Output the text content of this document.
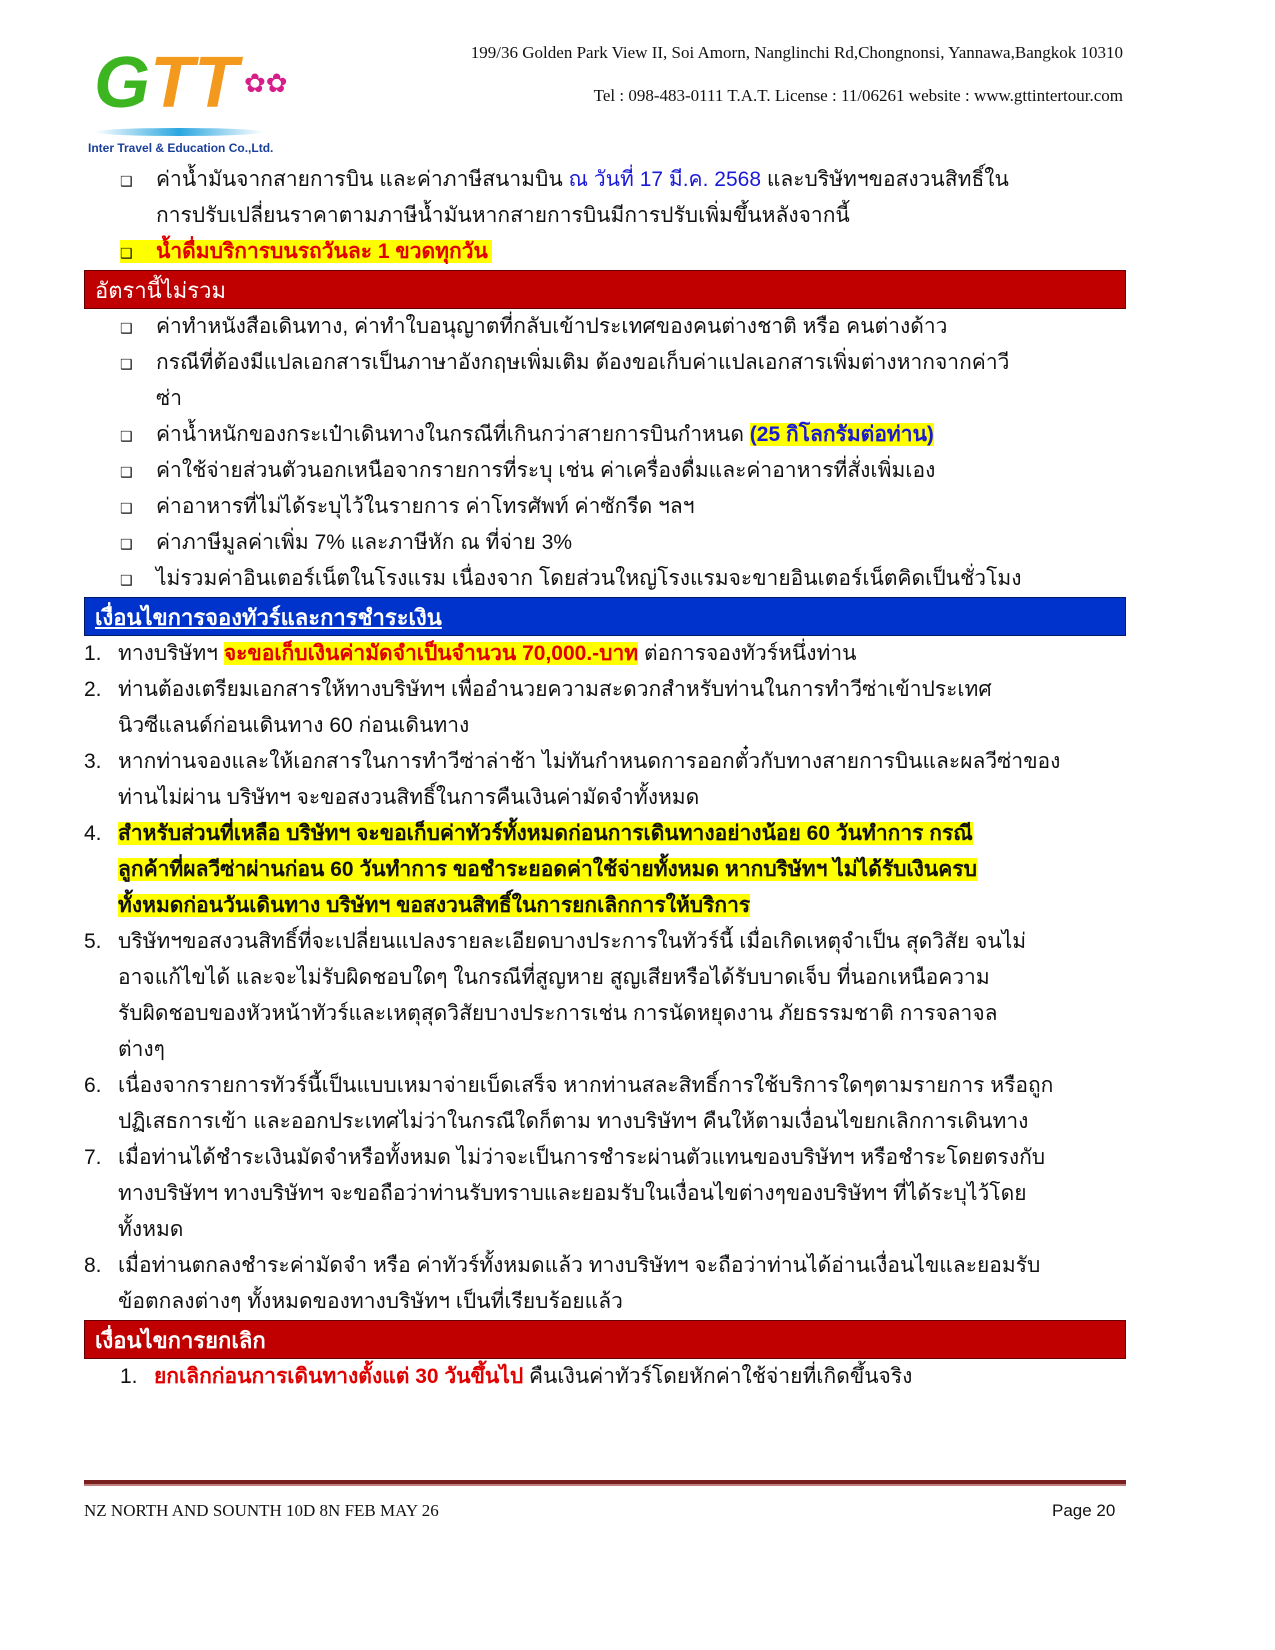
GTT ✿✿
Inter Travel & Education Co.,Ltd.
199/36 Golden Park View II, Soi Amorn, Nanglinchi Rd,Chongnonsi, Yannawa,Bangkok 10310
Tel : 098-483-0111 T.A.T. License : 11/06261 website : www.gttintertour.com
❑ ค่าน้ำมันจากสายการบิน และค่าภาษีสนามบิน ณ วันที่ 17 มี.ค. 2568 และบริษัทฯขอสงวนสิทธิ์ใน
การปรับเปลี่ยนราคาตามภาษีน้ำมันหากสายการบินมีการปรับเพิ่มขึ้นหลังจากนี้
❑ น้ำดื่มบริการบนรถวันละ 1 ขวดทุกวัน
อัตรานี้ไม่รวม
❑ ค่าทำหนังสือเดินทาง, ค่าทำใบอนุญาตที่กลับเข้าประเทศของคนต่างชาติ หรือ คนต่างด้าว
❑ กรณีที่ต้องมีแปลเอกสารเป็นภาษาอังกฤษเพิ่มเติม ต้องขอเก็บค่าแปลเอกสารเพิ่มต่างหากจากค่าวี
ซ่า
❑ ค่าน้ำหนักของกระเป๋าเดินทางในกรณีที่เกินกว่าสายการบินกำหนด (25 กิโลกรัมต่อท่าน)
❑ ค่าใช้จ่ายส่วนตัวนอกเหนือจากรายการที่ระบุ เช่น ค่าเครื่องดื่มและค่าอาหารที่สั่งเพิ่มเอง
❑ ค่าอาหารที่ไม่ได้ระบุไว้ในรายการ ค่าโทรศัพท์ ค่าซักรีด ฯลฯ
❑ ค่าภาษีมูลค่าเพิ่ม 7% และภาษีหัก ณ ที่จ่าย 3%
❑ ไม่รวมค่าอินเตอร์เน็ตในโรงแรม เนื่องจาก โดยส่วนใหญ่โรงแรมจะขายอินเตอร์เน็ตคิดเป็นชั่วโมง
เงื่อนไขการจองทัวร์และการชำระเงิน
1. ทางบริษัทฯ จะขอเก็บเงินค่ามัดจำเป็นจำนวน 70,000.-บาท ต่อการจองทัวร์หนึ่งท่าน
2. ท่านต้องเตรียมเอกสารให้ทางบริษัทฯ เพื่ออำนวยความสะดวกสำหรับท่านในการทำวีซ่าเข้าประเทศ
นิวซีแลนด์ก่อนเดินทาง 60 ก่อนเดินทาง
3. หากท่านจองและให้เอกสารในการทำวีซ่าล่าช้า ไม่ทันกำหนดการออกตั๋วกับทางสายการบินและผลวีซ่าของ
ท่านไม่ผ่าน บริษัทฯ จะขอสงวนสิทธิ์ในการคืนเงินค่ามัดจำทั้งหมด
4. สำหรับส่วนที่เหลือ บริษัทฯ จะขอเก็บค่าทัวร์ทั้งหมดก่อนการเดินทางอย่างน้อย 60 วันทำการ กรณี
ลูกค้าที่ผลวีซ่าผ่านก่อน 60 วันทำการ ขอชำระยอดค่าใช้จ่ายทั้งหมด หากบริษัทฯ ไม่ได้รับเงินครบ
ทั้งหมดก่อนวันเดินทาง บริษัทฯ ขอสงวนสิทธิ์ในการยกเลิกการให้บริการ
5. บริษัทฯขอสงวนสิทธิ์ที่จะเปลี่ยนแปลงรายละเอียดบางประการในทัวร์นี้ เมื่อเกิดเหตุจำเป็น สุดวิสัย จนไม่
อาจแก้ไขได้ และจะไม่รับผิดชอบใดๆ ในกรณีที่สูญหาย สูญเสียหรือได้รับบาดเจ็บ ที่นอกเหนือความ
รับผิดชอบของหัวหน้าทัวร์และเหตุสุดวิสัยบางประการเช่น การนัดหยุดงาน ภัยธรรมชาติ การจลาจล
ต่างๆ
6. เนื่องจากรายการทัวร์นี้เป็นแบบเหมาจ่ายเบ็ดเสร็จ หากท่านสละสิทธิ์การใช้บริการใดๆตามรายการ หรือถูก
ปฏิเสธการเข้า และออกประเทศไม่ว่าในกรณีใดก็ตาม ทางบริษัทฯ คืนให้ตามเงื่อนไขยกเลิกการเดินทาง
7. เมื่อท่านได้ชำระเงินมัดจำหรือทั้งหมด ไม่ว่าจะเป็นการชำระผ่านตัวแทนของบริษัทฯ หรือชำระโดยตรงกับ
ทางบริษัทฯ ทางบริษัทฯ จะขอถือว่าท่านรับทราบและยอมรับในเงื่อนไขต่างๆของบริษัทฯ ที่ได้ระบุไว้โดย
ทั้งหมด
8. เมื่อท่านตกลงชำระค่ามัดจำ หรือ ค่าทัวร์ทั้งหมดแล้ว ทางบริษัทฯ จะถือว่าท่านได้อ่านเงื่อนไขและยอมรับ
ข้อตกลงต่างๆ ทั้งหมดของทางบริษัทฯ เป็นที่เรียบร้อยแล้ว
เงื่อนไขการยกเลิก
1. ยกเลิกก่อนการเดินทางตั้งแต่ 30 วันขึ้นไป คืนเงินค่าทัวร์โดยหักค่าใช้จ่ายที่เกิดขึ้นจริง
NZ NORTH AND SOUNTH 10D 8N FEB MAY 26	Page 20
